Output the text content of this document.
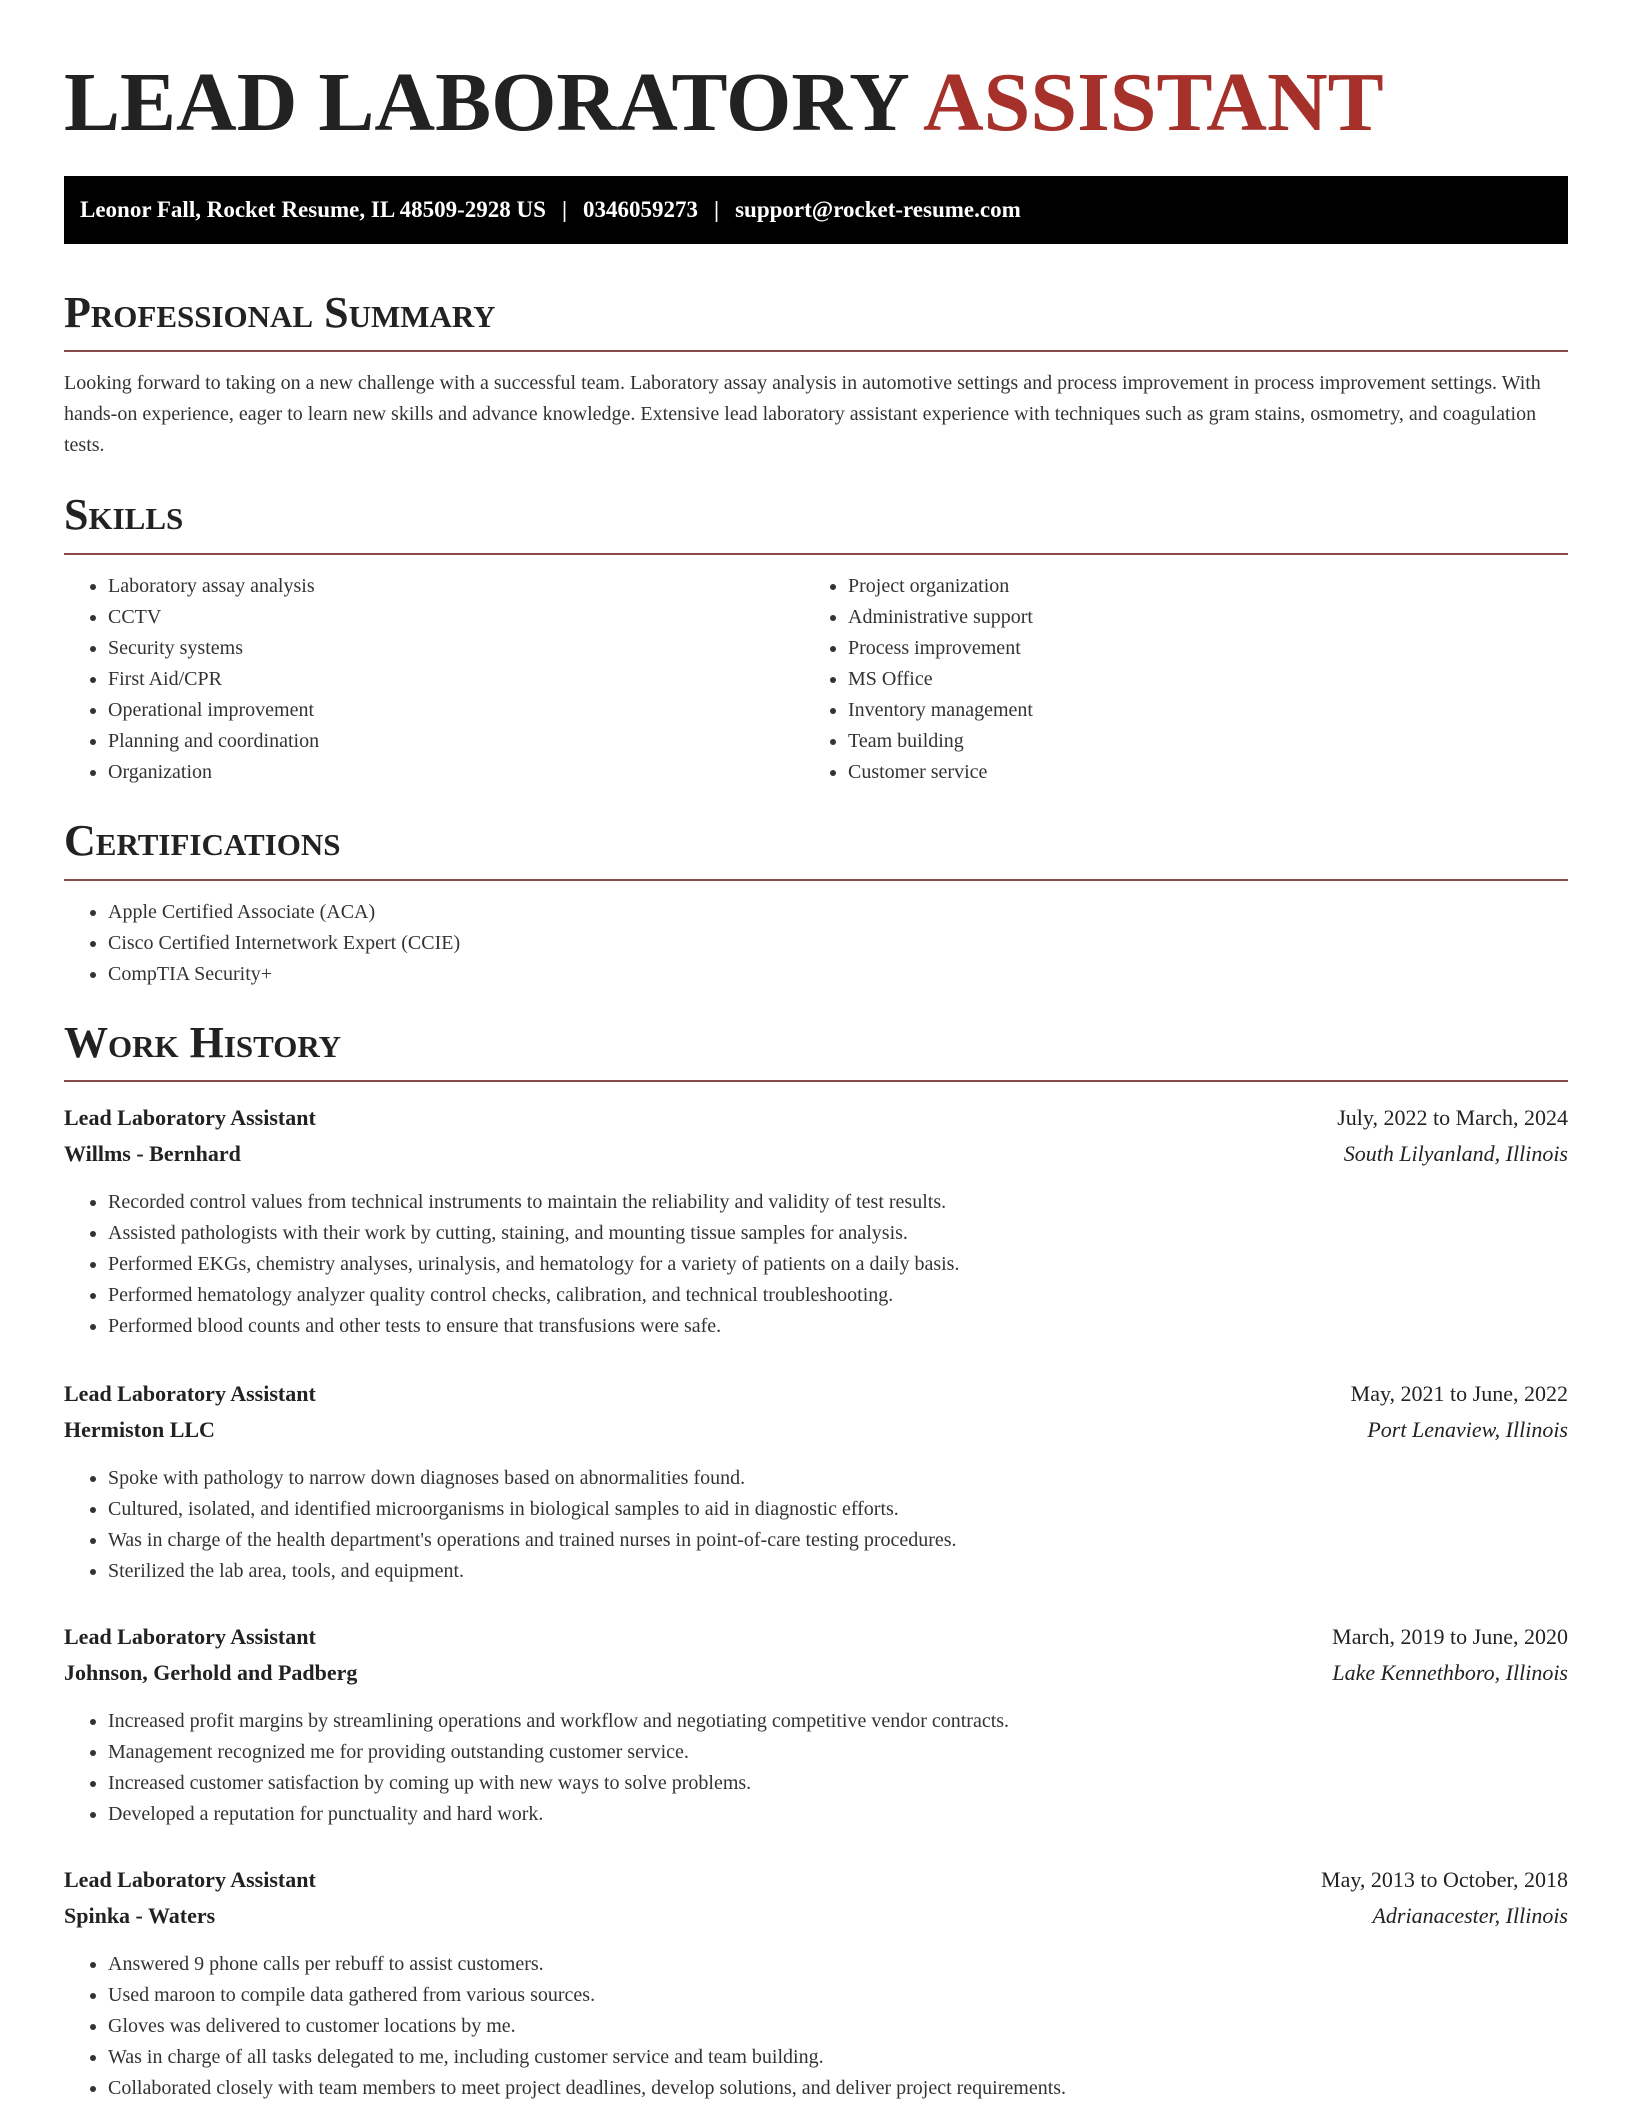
LEAD LABORATORY ASSISTANT
Leonor Fall, Rocket Resume, IL 48509-2928 US | 0346059273 | support@rocket-resume.com
Professional Summary

Looking forward to taking on a new challenge with a successful team. Laboratory assay analysis in automotive settings and process improvement in process improvement settings. With hands-on experience, eager to learn new skills and advance knowledge. Extensive lead laboratory assistant experience with techniques such as gram stains, osmometry, and coagulation tests.

Skills
• Laboratory assay analysis
• CCTV
• Security systems
• First Aid/CPR
• Operational improvement
• Planning and coordination
• Organization
• Project organization
• Administrative support
• Process improvement
• MS Office
• Inventory management
• Team building
• Customer service
Certifications
• Apple Certified Associate (ACA)
• Cisco Certified Internetwork Expert (CCIE)
• CompTIA Security+
Work History
Lead Laboratory Assistant	July, 2022 to March, 2024
Willms - Bernhard	South Lilyanland, Illinois
• Recorded control values from technical instruments to maintain the reliability and validity of test results.
• Assisted pathologists with their work by cutting, staining, and mounting tissue samples for analysis.
• Performed EKGs, chemistry analyses, urinalysis, and hematology for a variety of patients on a daily basis.
• Performed hematology analyzer quality control checks, calibration, and technical troubleshooting.
• Performed blood counts and other tests to ensure that transfusions were safe.
Lead Laboratory Assistant	May, 2021 to June, 2022
Hermiston LLC	Port Lenaview, Illinois
• Spoke with pathology to narrow down diagnoses based on abnormalities found.
• Cultured, isolated, and identified microorganisms in biological samples to aid in diagnostic efforts.
• Was in charge of the health department's operations and trained nurses in point-of-care testing procedures.
• Sterilized the lab area, tools, and equipment.
Lead Laboratory Assistant	March, 2019 to June, 2020
Johnson, Gerhold and Padberg	Lake Kennethboro, Illinois
• Increased profit margins by streamlining operations and workflow and negotiating competitive vendor contracts.
• Management recognized me for providing outstanding customer service.
• Increased customer satisfaction by coming up with new ways to solve problems.
• Developed a reputation for punctuality and hard work.
Lead Laboratory Assistant	May, 2013 to October, 2018
Spinka - Waters	Adrianacester, Illinois
• Answered 9 phone calls per rebuff to assist customers.
• Used maroon to compile data gathered from various sources.
• Gloves was delivered to customer locations by me.
• Was in charge of all tasks delegated to me, including customer service and team building.
• Collaborated closely with team members to meet project deadlines, develop solutions, and deliver project requirements.
